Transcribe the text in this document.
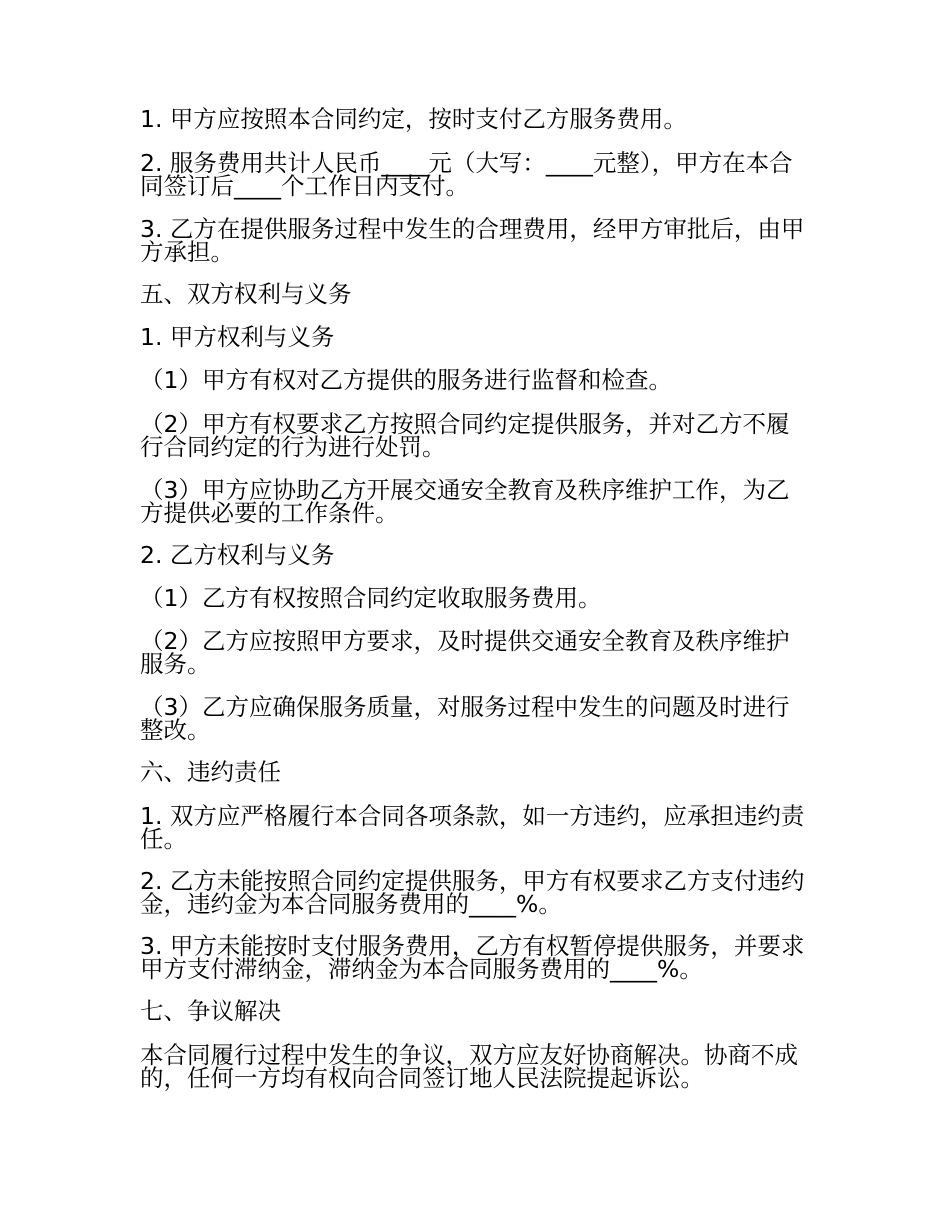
1. 甲方应按照本合同约定，按时支付乙方服务费用。
2. 服务费用共计人民币____元（大写：____元整），甲方在本合同签订后____个工作日内支付。
3. 乙方在提供服务过程中发生的合理费用，经甲方审批后，由甲方承担。
五、双方权利与义务
1. 甲方权利与义务
（1）甲方有权对乙方提供的服务进行监督和检查。
（2）甲方有权要求乙方按照合同约定提供服务，并对乙方不履行合同约定的行为进行处罚。
（3）甲方应协助乙方开展交通安全教育及秩序维护工作，为乙方提供必要的工作条件。
2. 乙方权利与义务
（1）乙方有权按照合同约定收取服务费用。
（2）乙方应按照甲方要求，及时提供交通安全教育及秩序维护服务。
（3）乙方应确保服务质量，对服务过程中发生的问题及时进行整改。
六、违约责任
1. 双方应严格履行本合同各项条款，如一方违约，应承担违约责任。
2. 乙方未能按照合同约定提供服务，甲方有权要求乙方支付违约金，违约金为本合同服务费用的____%。
3. 甲方未能按时支付服务费用，乙方有权暂停提供服务，并要求甲方支付滞纳金，滞纳金为本合同服务费用的____%。
七、争议解决
本合同履行过程中发生的争议，双方应友好协商解决。协商不成的，任何一方均有权向合同签订地人民法院提起诉讼。
